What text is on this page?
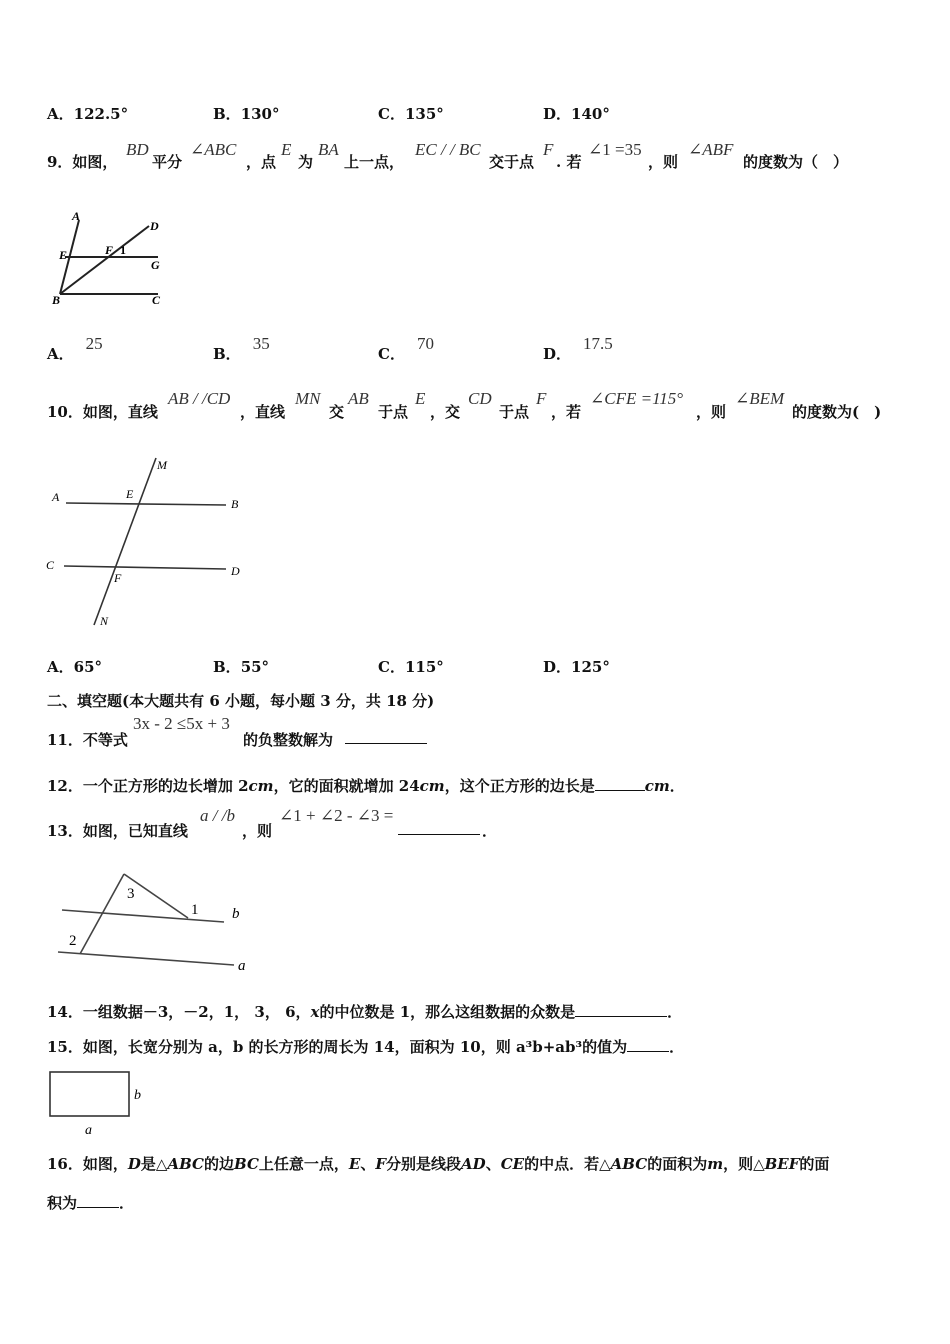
A．122.5°	B．130°	C．135°	D．140°
9．如图，
BD
平分
∠ABC
，点
E
为
BA
上一点，
EC / / BC
交于点
F
. 若
∠1 =35
，则
∠ABF
的度数为（　）
A
D
E	F 1
G
B	C
A．25
B．35
C．70
D．17.5
10．如图，直线
AB / /CD
，直线
MN
交
AB
于点
E
，交
CD
于点
F
，若
∠CFE =115°
，则
∠BEM
的度数为(　)
M
A	E
B
C
F	D
N
A．65°	B．55°	C．115°	D．125°
二、填空题(本大题共有 6 小题，每小题 3 分，共 18 分)
11．不等式
3x - 2 ≤5x + 3
的负整数解为
12．一个正方形的边长增加 2cm，它的面积就增加 24cm，这个正方形的边长是	cm．
13．如图，已知直线
a / /b
，则
∠1 + ∠2 - ∠3 =
．
3
1 b
2
a
14．一组数据－3，－2，1， 3， 6，x的中位数是 1，那么这组数据的众数是	．
15．如图，长宽分别为 a，b 的长方形的周长为 14，面积为 10，则 a³b+ab³的值为	．
b
a
16．如图，D是△ABC的边BC上任意一点，E、F分别是线段AD、CE的中点．若△ABC的面积为m，则△BEF的面
积为	．
